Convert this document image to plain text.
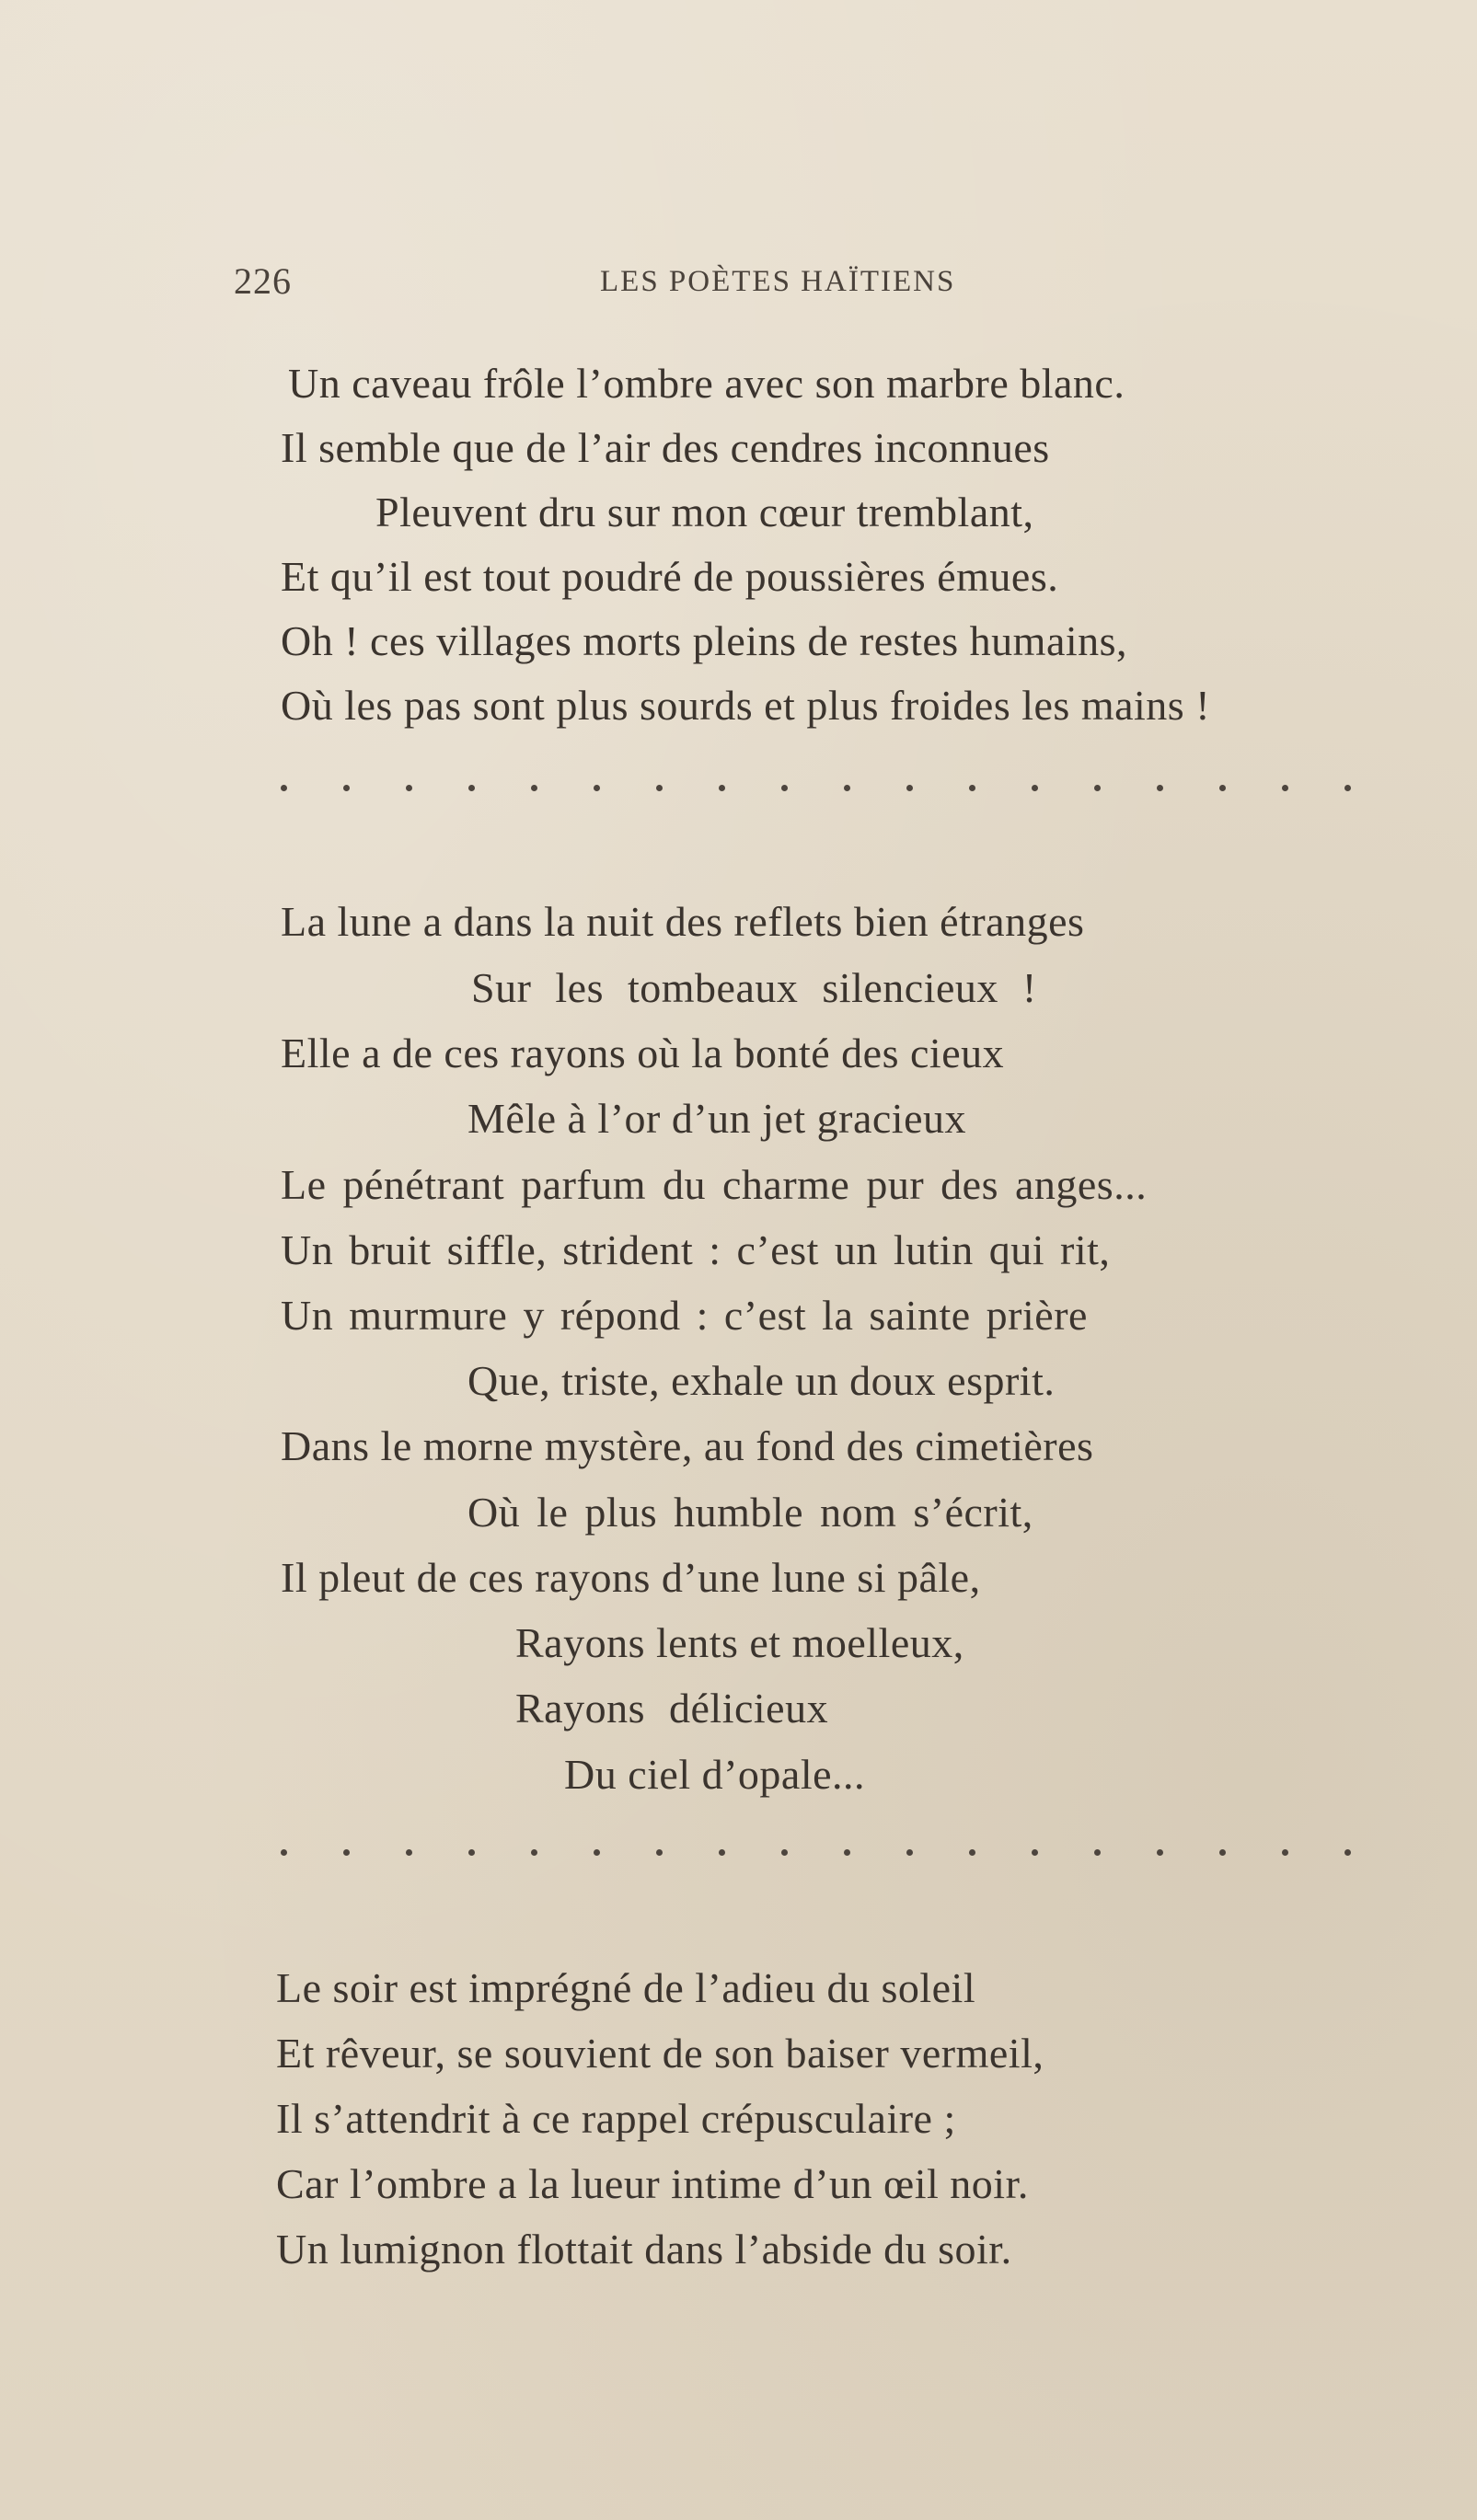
226	LES POÈTES HAÏTIENS
Un caveau frôle l’ombre avec son marbre blanc.
Il semble que de l’air des cendres inconnues
Pleuvent dru sur mon cœur tremblant,
Et qu’il est tout poudré de poussières émues.
Oh ! ces villages morts pleins de restes humains,
Où les pas sont plus sourds et plus froides les mains !
La lune a dans la nuit des reflets bien étranges
Sur les tombeaux silencieux !
Elle a de ces rayons où la bonté des cieux
Mêle à l’or d’un jet gracieux
Le pénétrant parfum du charme pur des anges...
Un bruit siffle, strident : c’est un lutin qui rit,
Un murmure y répond : c’est la sainte prière
Que, triste, exhale un doux esprit.
Dans le morne mystère, au fond des cimetières
Où le plus humble nom s’écrit,
Il pleut de ces rayons d’une lune si pâle,
Rayons lents et moelleux,
Rayons délicieux
Du ciel d’opale...
Le soir est imprégné de l’adieu du soleil
Et rêveur, se souvient de son baiser vermeil,
Il s’attendrit à ce rappel crépusculaire ;
Car l’ombre a la lueur intime d’un œil noir.
Un lumignon flottait dans l’abside du soir.
